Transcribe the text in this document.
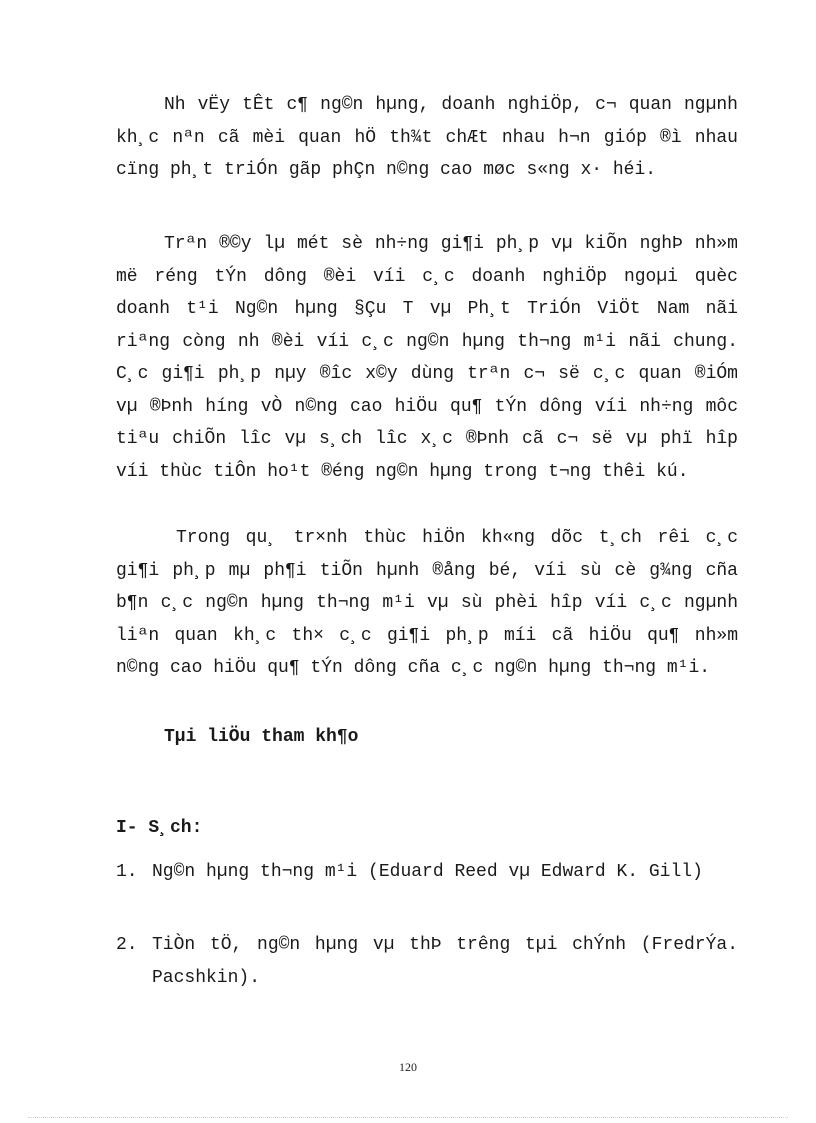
Nh vËy tÊt c¶ ng©n hµng, doanh nghiÖp, c¬ quan ngµnh kh¸c nªn cã mèi quan hÖ th¾t chÆt nhau h¬n gióp ®ì nhau cïng ph¸t triÓn gãp phÇn n©ng cao møc s«ng x· héi.

Trªn ®©y lµ mét sè nh÷ng gi¶i ph¸p vµ kiÕn nghÞ nh»m më réng tÝn dông ®èi víi c¸c doanh nghiÖp ngoµi quèc doanh t¹i Ng©n hµng §Çu T vµ Ph¸t TriÓn ViÖt Nam nãi riªng còng nh ®èi víi c¸c ng©n hµng th¬ng m¹i nãi chung. C¸c gi¶i ph¸p nµy ®îc x©y dùng trªn c¬ së c¸c quan ®iÓm vµ ®Þnh híng vÒ n©ng cao hiÖu qu¶ tÝn dông víi nh÷ng môc tiªu chiÕn lîc vµ s¸ch lîc x¸c ®Þnh cã c¬ së vµ phï hîp víi thùc tiÔn ho¹t ®éng ng©n hµng trong t¬ng thêi kú.

Trong qu¸ tr×nh thùc hiÖn kh«ng dõc t¸ch rêi c¸c gi¶i ph¸p mµ ph¶i tiÕn hµnh ®ång bé, víi sù cè g¾ng cña b¶n c¸c ng©n hµng th¬ng m¹i vµ sù phèi hîp víi c¸c ngµnh liªn quan kh¸c th× c¸c gi¶i ph¸p míi cã hiÖu qu¶ nh»m n©ng cao hiÖu qu¶ tÝn dông cña c¸c ng©n hµng th¬ng m¹i.

Tµi liÖu tham kh¶o

I- S¸ch:

1. Ng©n hµng th¬ng m¹i (Eduard Reed vµ Edward K. Gill)
2. TiÒn tÖ, ng©n hµng vµ thÞ trêng tµi chÝnh (FredrÝa. Pacshkin).
120
